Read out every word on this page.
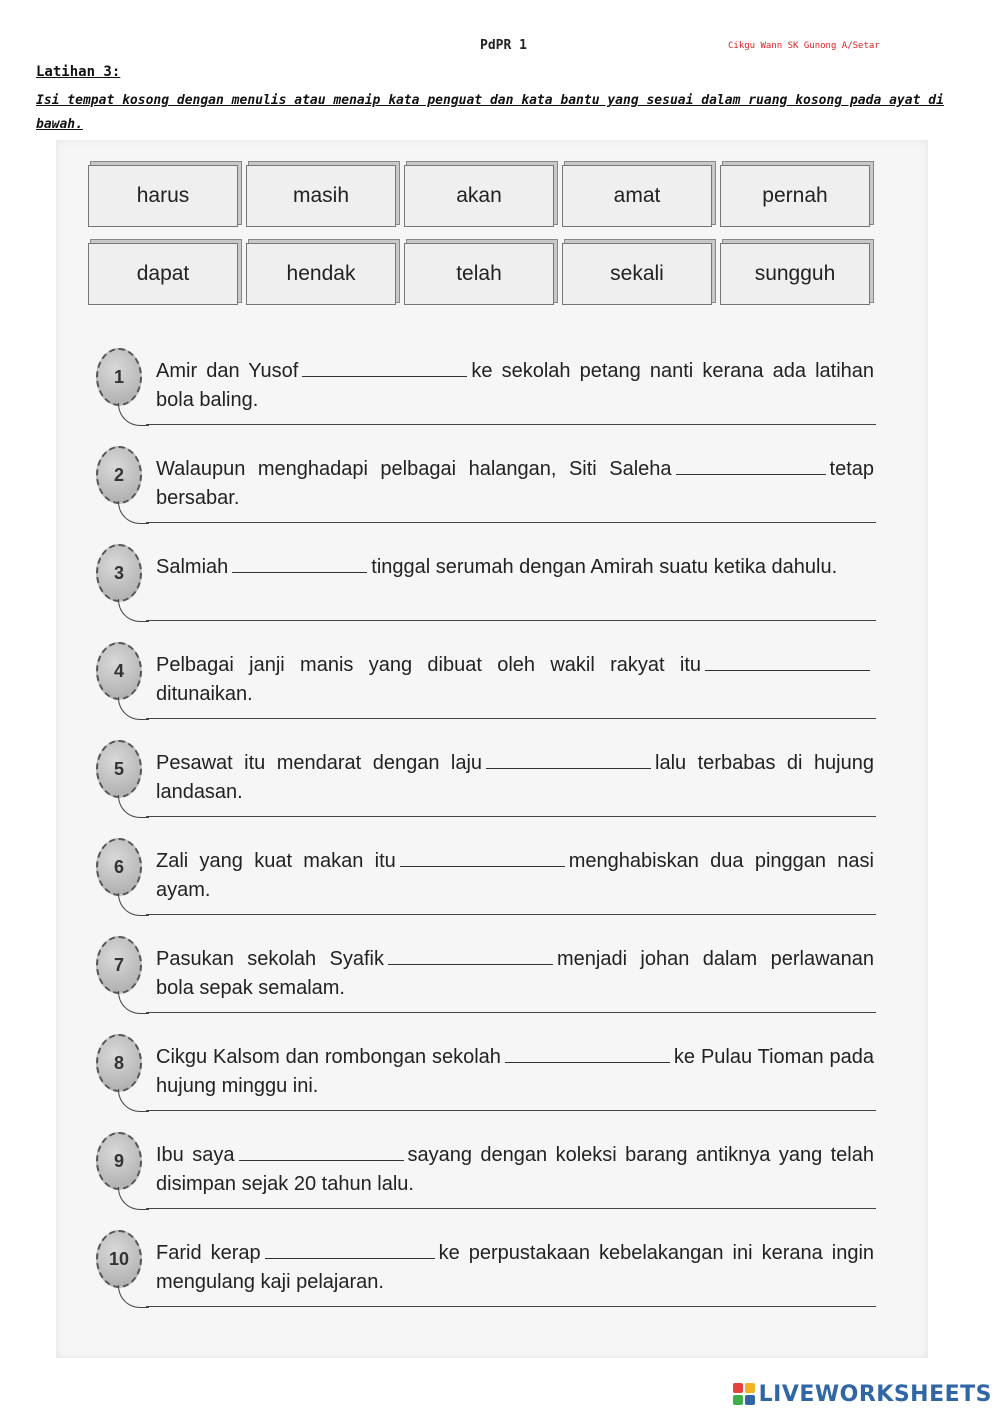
PdPR 1	Cikgu Wann SK Gunong A/Setar
Latihan 3:
Isi tempat kosong dengan menulis atau menaip kata penguat dan kata bantu yang sesuai dalam ruang kosong pada ayat di bawah.
harus	masih	akan	amat	pernah
dapat	hendak	telah	sekali	sungguh
1	Amir dan Yusof	ke sekolah petang nanti kerana ada latihan bola baling.
2	Walaupun menghadapi pelbagai halangan, Siti Saleha	tetap bersabar.
3	Salmiah	tinggal serumah dengan Amirah suatu ketika dahulu.
4	Pelbagai janji manis yang dibuat oleh wakil rakyat ituditunaikan.
5	Pesawat itu mendarat dengan laju	lalu terbabas di hujung landasan.
6	Zali yang kuat makan itu	menghabiskan dua pinggan nasi ayam.
7	Pasukan sekolah Syafik	menjadi johan dalam perlawanan bola sepak semalam.
8	Cikgu Kalsom dan rombongan sekolah	ke Pulau Tioman pada hujung minggu ini.
9	Ibu saya	sayang dengan koleksi barang antiknya yang telah disimpan sejak 20 tahun lalu.
10	Farid kerap	ke perpustakaan kebelakangan ini kerana ingin mengulang kaji pelajaran.
LIVEWORKSHEETS
